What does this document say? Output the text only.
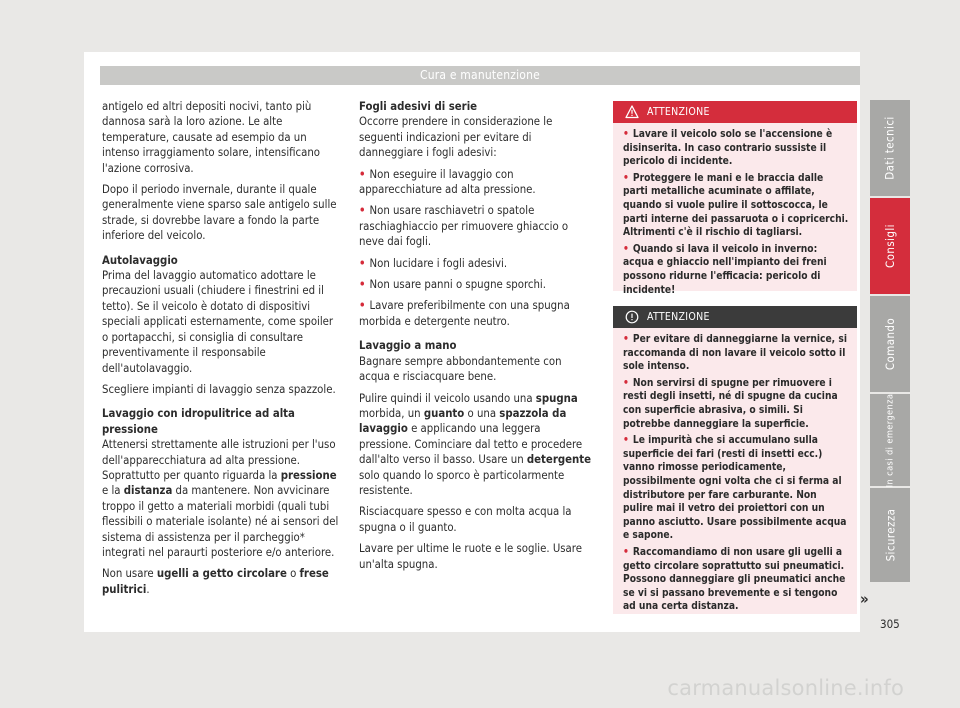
Cura e manutenzione

antigelo ed altri depositi nocivi, tanto più dannosa sarà la loro azione. Le alte temperature, causate ad esempio da un intenso irraggiamento solare, intensificano l'azione corrosiva.

Dopo il periodo invernale, durante il quale generalmente viene sparso sale antigelo sulle strade, si dovrebbe lavare a fondo la parte inferiore del veicolo.

Autolavaggio

Prima del lavaggio automatico adottare le precauzioni usuali (chiudere i finestrini ed il tetto). Se il veicolo è dotato di dispositivi speciali applicati esternamente, come spoiler o portapacchi, si consiglia di consultare preventivamente il responsabile dell'autolavaggio.

Scegliere impianti di lavaggio senza spazzole.

Lavaggio con idropulitrice ad alta pressione

Attenersi strettamente alle istruzioni per l'uso dell'apparecchiatura ad alta pressione. Soprattutto per quanto riguarda la pressione e la distanza da mantenere. Non avvicinare troppo il getto a materiali morbidi (quali tubi flessibili o materiale isolante) né ai sensori del sistema di assistenza per il parcheggio* integrati nel paraurti posteriore e/o anteriore.

Non usare ugelli a getto circolare o frese pulitrici.

Fogli adesivi di serie

Occorre prendere in considerazione le seguenti indicazioni per evitare di danneggiare i fogli adesivi:

• Non eseguire il lavaggio con apparecchiature ad alta pressione.

• Non usare raschiavetri o spatole raschiaghiaccio per rimuovere ghiaccio o neve dai fogli.

• Non lucidare i fogli adesivi.

• Non usare panni o spugne sporchi.

• Lavare preferibilmente con una spugna morbida e detergente neutro.

Lavaggio a mano

Bagnare sempre abbondantemente con acqua e risciacquare bene.

Pulire quindi il veicolo usando una spugna morbida, un guanto o una spazzola da lavaggio e applicando una leggera pressione. Cominciare dal tetto e procedere dall'alto verso il basso. Usare un detergente solo quando lo sporco è particolarmente resistente.

Risciacquare spesso e con molta acqua la spugna o il guanto.

Lavare per ultime le ruote e le soglie. Usare un'alta spugna.

ATTENZIONE

• Lavare il veicolo solo se l'accensione è disinserita. In caso contrario sussiste il pericolo di incidente.

• Proteggere le mani e le braccia dalle parti metalliche acuminate o affilate, quando si vuole pulire il sottoscocca, le parti interne dei passaruota o i copricerchi. Altrimenti c'è il rischio di tagliarsi.

• Quando si lava il veicolo in inverno: acqua e ghiaccio nell'impianto dei freni possono ridurne l'efficacia: pericolo di incidente!

ATTENZIONE

• Per evitare di danneggiarne la vernice, si raccomanda di non lavare il veicolo sotto il sole intenso.

• Non servirsi di spugne per rimuovere i resti degli insetti, né di spugne da cucina con superficie abrasiva, o simili. Si potrebbe danneggiare la superficie.

• Le impurità che si accumulano sulla superficie dei fari (resti di insetti ecc.) vanno rimosse periodicamente, possibilmente ogni volta che ci si ferma al distributore per fare carburante. Non pulire mai il vetro dei proiettori con un panno asciutto. Usare possibilmente acqua e sapone.

• Raccomandiamo di non usare gli ugelli a getto circolare soprattutto sui pneumatici. Possono danneggiare gli pneumatici anche se vi si passano brevemente e si tengono ad una certa distanza.

Dati tecnici
Consigli
Comando
In casi di emergenza
Sicurezza
»
305
carmanualsonline.info
